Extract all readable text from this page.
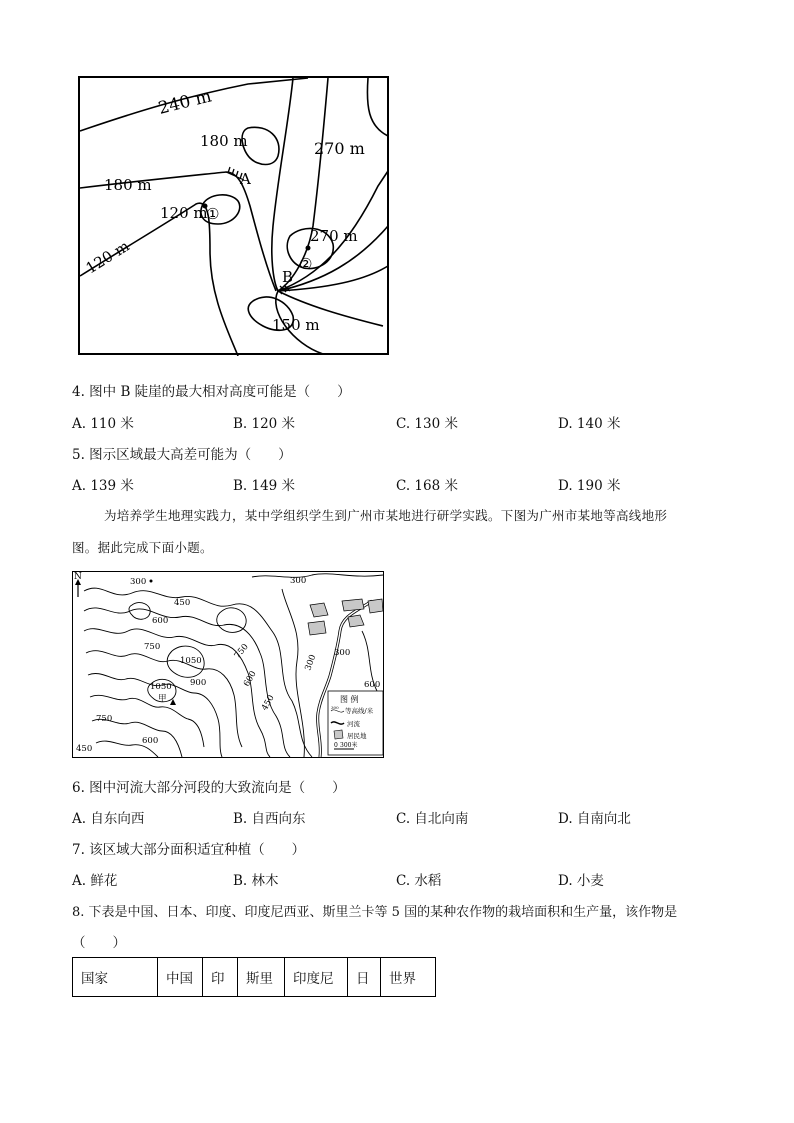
240 m
180 m	270 m
180 m	A
120 m
①
270 m
②
120 m	B
150 m
4. 图中 B 陡崖的最大相对高度可能是（　　）
A. 110 米	B. 120 米	C. 130 米	D. 140 米
5. 图示区域最大高差可能为（　　）
A. 139 米	B. 149 米	C. 168 米	D. 190 米
为培养学生地理实践力，某中学组织学生到广州市某地进行研学实践。下图为广州市某地等高线地形
图。据此完成下面小题。
N
图 例
300 等高线/米
河流
居民地
0 300米
300	300
450
600
750
1050
750
900
1050
甲
600
450
300
300
600
750
600
450
6. 图中河流大部分河段的大致流向是（　　）
A. 自东向西	B. 自西向东	C. 自北向南	D. 自南向北
7. 该区域大部分面积适宜种植（　　）
A. 鲜花	B. 林木	C. 水稻	D. 小麦
8. 下表是中国、日本、印度、印度尼西亚、斯里兰卡等 5 国的某种农作物的栽培面积和生产量，该作物是
（　　）
国家	中国	印	斯里	印度尼	日	世界
